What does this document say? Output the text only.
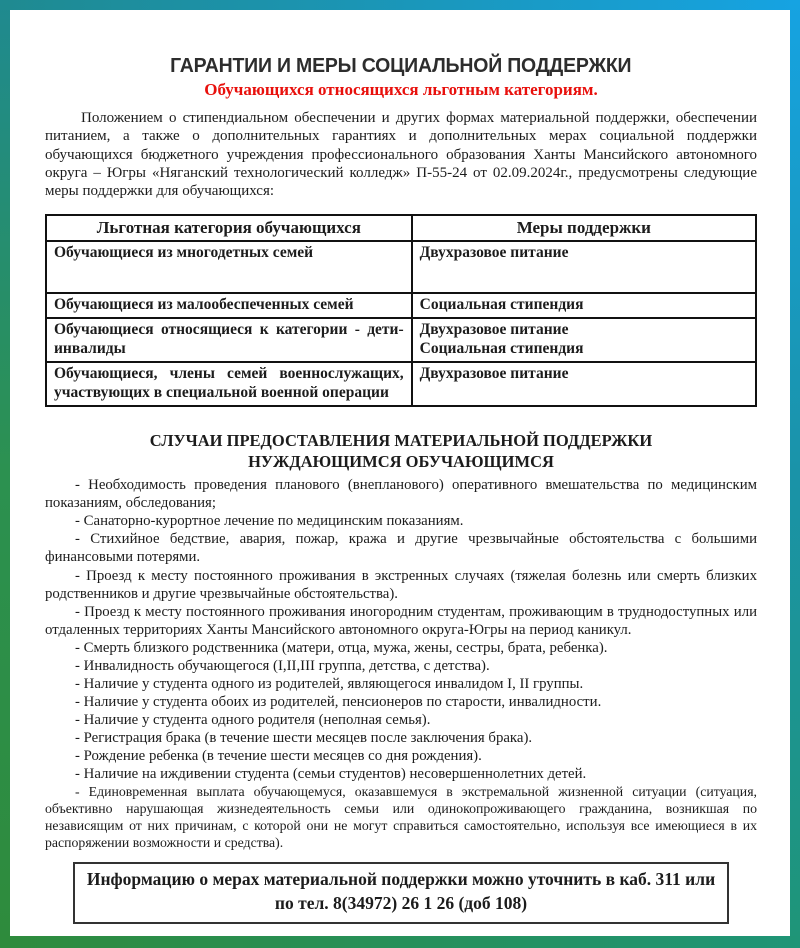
ГАРАНТИИ И МЕРЫ СОЦИАЛЬНОЙ ПОДДЕРЖКИ
Обучающихся относящихся льготным категориям.

Положением о стипендиальном обеспечении и других формах материальной поддержки, обеспечении питанием, а также о дополнительных гарантиях и дополнительных мерах социальной поддержки обучающихся бюджетного учреждения профессионального образования Ханты Мансийского автономного округа – Югры «Няганский технологический колледж» П-55-24 от 02.09.2024г., предусмотрены следующие меры поддержки для обучающихся:

Льготная категория обучающихся	Меры поддержки
Обучающиеся из многодетных семей	Двухразовое питание

Обучающиеся из малообеспеченных семей	Социальная стипендия

Обучающиеся относящиеся к категории - дети-инвалиды	Двухразовое питание
Социальная стипендия

Обучающиеся, члены семей военнослужащих, участвующих в специальной военной операции	Двухразовое питание
СЛУЧАИ ПРЕДОСТАВЛЕНИЯ МАТЕРИАЛЬНОЙ ПОДДЕРЖКИ
НУЖДАЮЩИМСЯ ОБУЧАЮЩИМСЯ

- Необходимость проведения планового (внепланового) оперативного вмешательства по медицинским показаниям, обследования;

- Санаторно-курортное лечение по медицинским показаниям.

- Стихийное бедствие, авария, пожар, кража и другие чрезвычайные обстоятельства с большими финансовыми потерями.

- Проезд к месту постоянного проживания в экстренных случаях (тяжелая болезнь или смерть близких родственников и другие чрезвычайные обстоятельства).

- Проезд к месту постоянного проживания иногородним студентам, проживающим в труднодоступных или отдаленных территориях Ханты Мансийского автономного округа-Югры на период каникул.

- Смерть близкого родственника (матери, отца, мужа, жены, сестры, брата, ребенка).

- Инвалидность обучающегося (I,II,III группа, детства, с детства).

- Наличие у студента одного из родителей, являющегося инвалидом I, II группы.

- Наличие у студента обоих из родителей, пенсионеров по старости, инвалидности.

- Наличие у студента одного родителя (неполная семья).

- Регистрация брака (в течение шести месяцев после заключения брака).

- Рождение ребенка (в течение шести месяцев со дня рождения).

- Наличие на иждивении студента (семьи студентов) несовершеннолетних детей.

- Единовременная выплата обучающемуся, оказавшемуся в экстремальной жизненной ситуации (ситуация, объективно нарушающая жизнедеятельность семьи или одинокопроживающего гражданина, возникшая по независящим от них причинам, с которой они не могут справиться самостоятельно, используя все имеющиеся в их распоряжении возможности и средства).

Информацию о мерах материальной поддержки можно уточнить в каб. 311 или
по тел. 8(34972) 26 1 26 (доб 108)
